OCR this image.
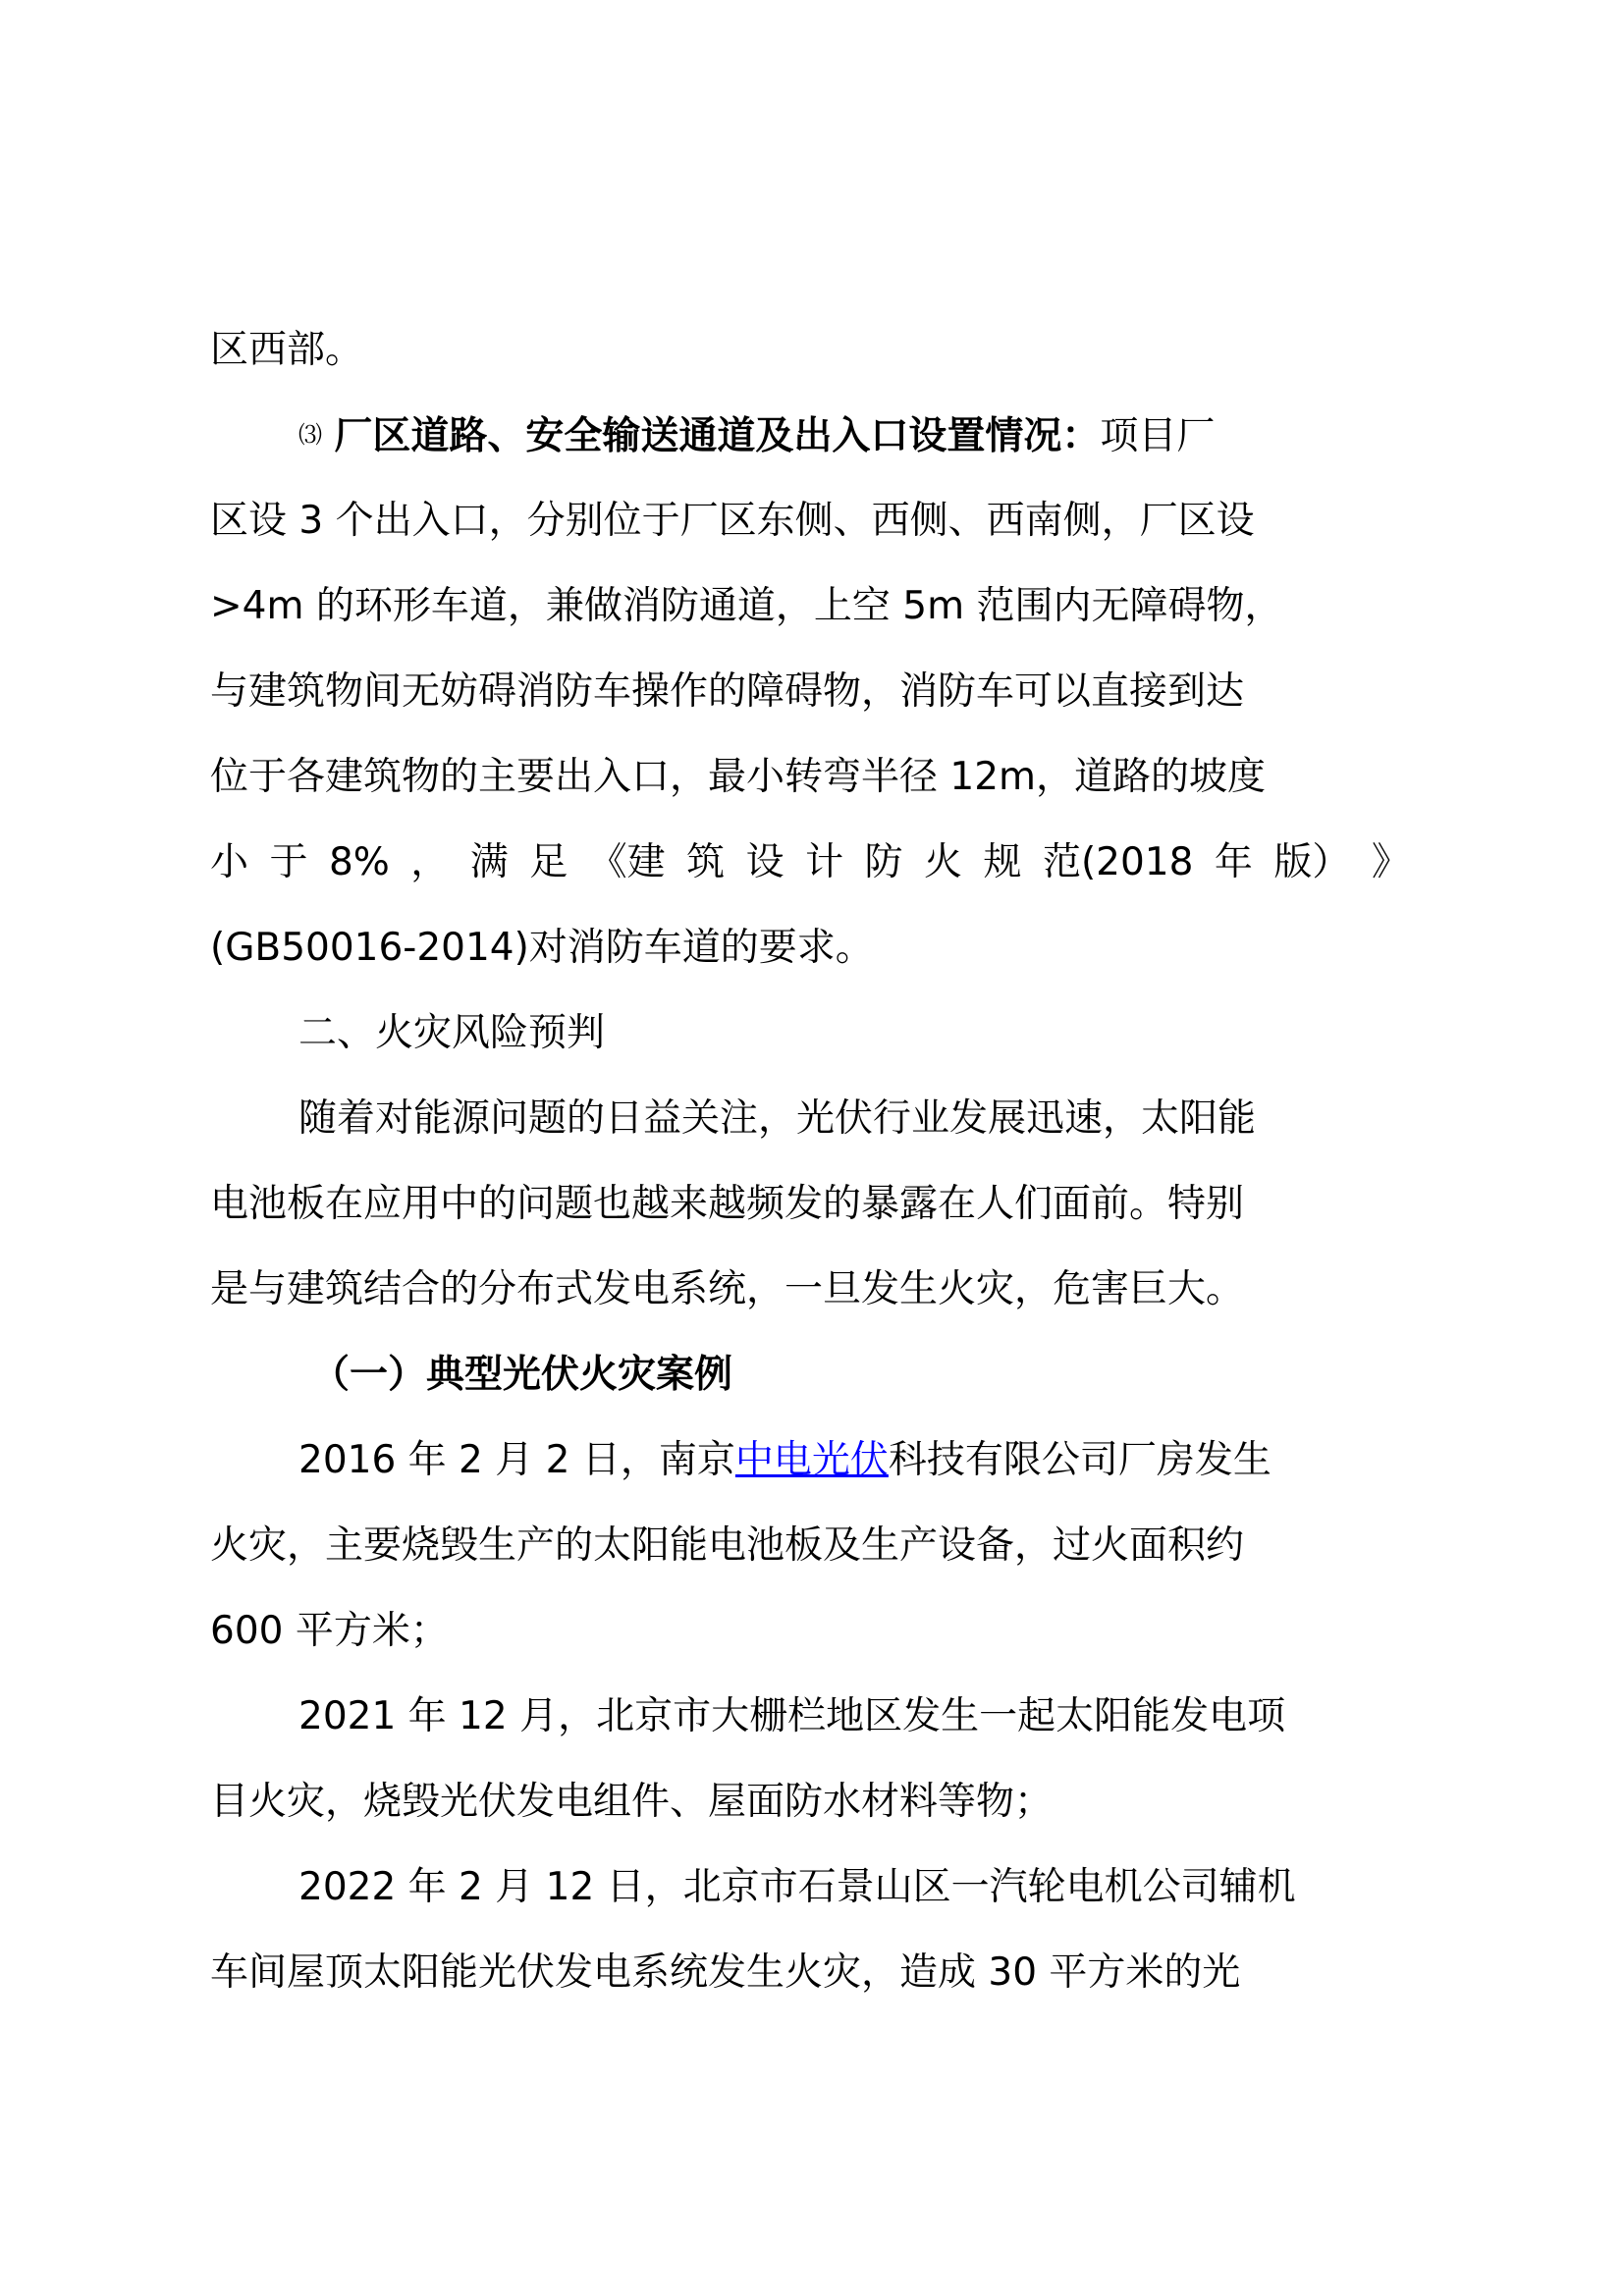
区西部。
⑶ 厂区道路、安全输送通道及出入口设置情况：项目厂
区设 3 个出入口，分别位于厂区东侧、西侧、西南侧，厂区设
>4m 的环形车道，兼做消防通道，上空 5m 范围内无障碍物，
与建筑物间无妨碍消防车操作的障碍物，消防车可以直接到达
位于各建筑物的主要出入口，最小转弯半径 12m，道路的坡度
小 于 8% ， 满 足 《建 筑 设 计 防 火 规 范(2018 年 版） 》
(GB50016-2014)对消防车道的要求。
二、火灾风险预判
随着对能源问题的日益关注，光伏行业发展迅速，太阳能
电池板在应用中的问题也越来越频发的暴露在人们面前。特别
是与建筑结合的分布式发电系统，一旦发生火灾，危害巨大。
（一）典型光伏火灾案例
2016 年 2 月 2 日，南京中电光伏科技有限公司厂房发生
火灾，主要烧毁生产的太阳能电池板及生产设备，过火面积约
600 平方米；
2021 年 12 月，北京市大栅栏地区发生一起太阳能发电项
目火灾，烧毁光伏发电组件、屋面防水材料等物；
2022 年 2 月 12 日，北京市石景山区一汽轮电机公司辅机
车间屋顶太阳能光伏发电系统发生火灾，造成 30 平方米的光
